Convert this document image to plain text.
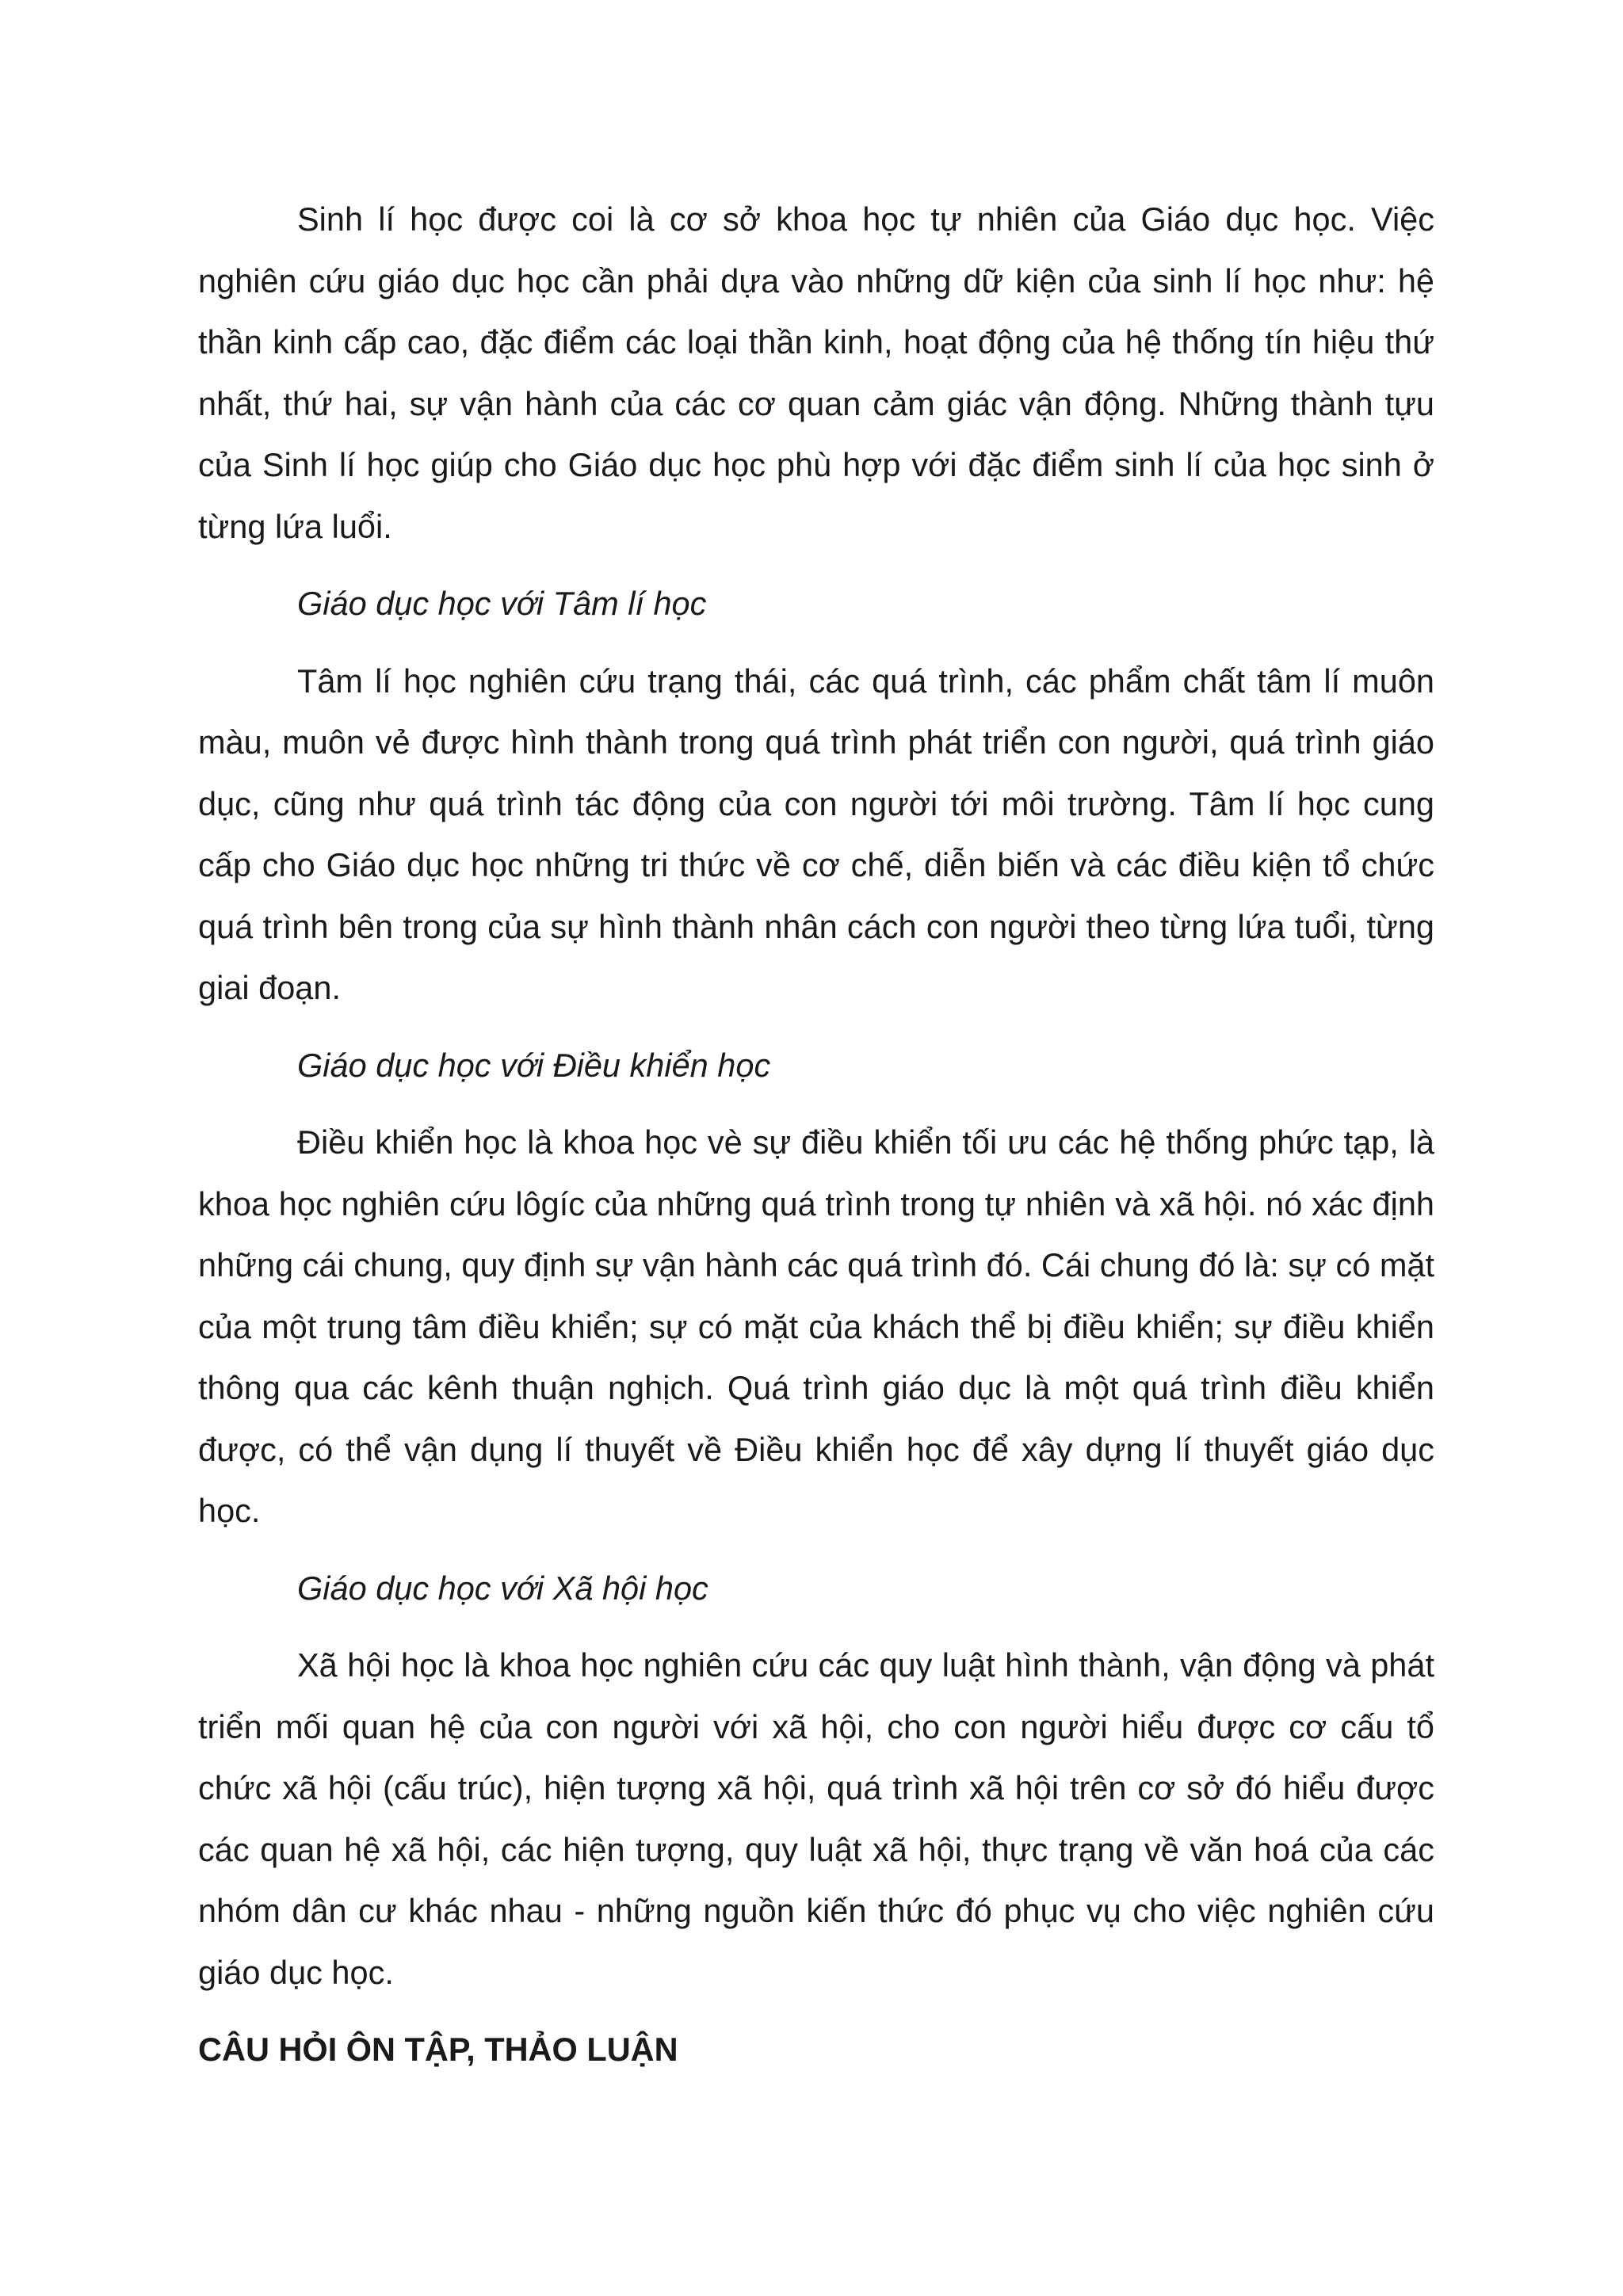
Sinh lí học được coi là cơ sở khoa học tự nhiên của Giáo dục học. Việc nghiên cứu giáo dục học cần phải dựa vào những dữ kiện của sinh lí học như: hệ thần kinh cấp cao, đặc điểm các loại thần kinh, hoạt động của hệ thống tín hiệu thứ nhất, thứ hai, sự vận hành của các cơ quan cảm giác vận động. Những thành tựu của Sinh lí học giúp cho Giáo dục học phù hợp với đặc điểm sinh lí của học sinh ở từng lứa luổi.

Giáo dục học với Tâm lí học

Tâm lí học nghiên cứu trạng thái, các quá trình, các phẩm chất tâm lí muôn màu, muôn vẻ được hình thành trong quá trình phát triển con người, quá trình giáo dục, cũng như quá trình tác động của con người tới môi trường. Tâm lí học cung cấp cho Giáo dục học những tri thức về cơ chế, diễn biến và các điều kiện tổ chức quá trình bên trong của sự hình thành nhân cách con người theo từng lứa tuổi, từng giai đoạn.

Giáo dục học với Điều khiển học

Điều khiển học là khoa học vè sự điều khiển tối ưu các hệ thống phức tạp, là khoa học nghiên cứu lôgíc của những quá trình trong tự nhiên và xã hội. nó xác định những cái chung, quy định sự vận hành các quá trình đó. Cái chung đó là: sự có mặt của một trung tâm điều khiển; sự có mặt của khách thể bị điều khiển; sự điều khiển thông qua các kênh thuận nghịch. Quá trình giáo dục là một quá trình điều khiển được, có thể vận dụng lí thuyết về Điều khiển học để xây dựng lí thuyết giáo dục học.

Giáo dục học với Xã hội học

Xã hội học là khoa học nghiên cứu các quy luật hình thành, vận động và phát triển mối quan hệ của con người với xã hội, cho con người hiểu được cơ cấu tổ chức xã hội (cấu trúc), hiện tượng xã hội, quá trình xã hội trên cơ sở đó hiểu được các quan hệ xã hội, các hiện tượng, quy luật xã hội, thực trạng về văn hoá của các nhóm dân cư khác nhau - những nguồn kiến thức đó phục vụ cho việc nghiên cứu giáo dục học.

CÂU HỎI ÔN TẬP, THẢO LUẬN
